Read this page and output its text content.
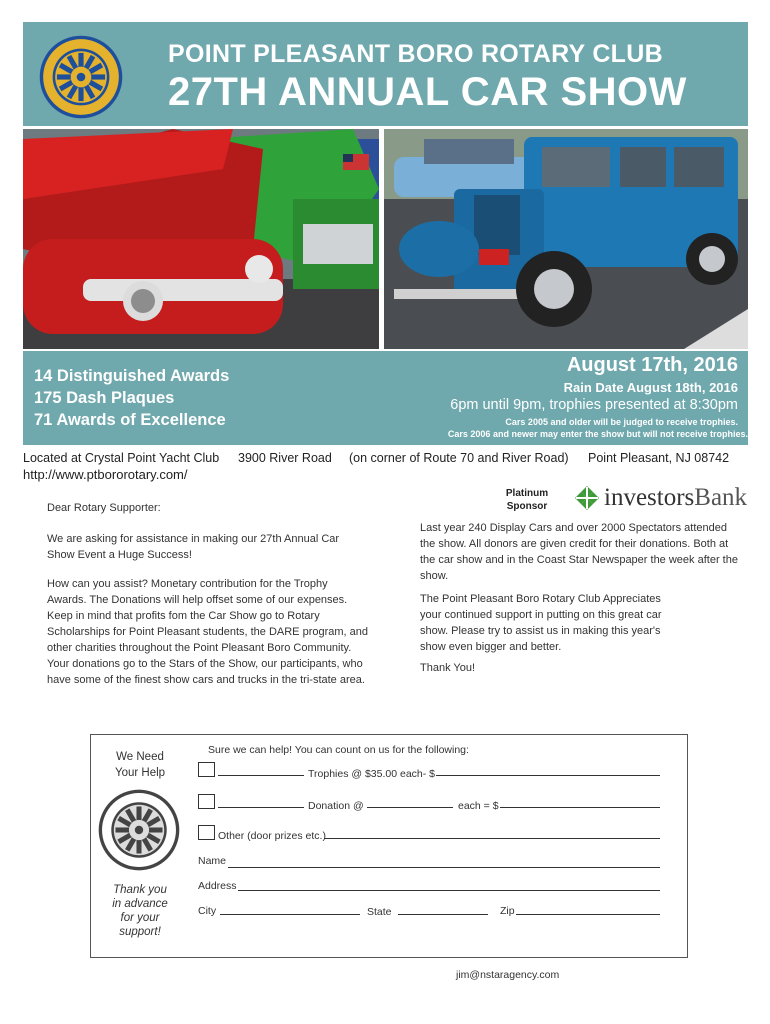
POINT PLEASANT BORO ROTARY CLUB
27TH ANNUAL CAR SHOW
14 Distinguished Awards
175 Dash Plaques
71 Awards of Excellence
August 17th, 2016
Rain Date August 18th, 2016
6pm until 9pm, trophies presented at 8:30pm
Cars 2005 and older will be judged to receive trophies.
Cars 2006 and newer may enter the show but will not receive trophies.
Located at Crystal Point Yacht Club 3900 River Road (on corner of Route 70 and River Road) Point Pleasant, NJ 08742
http://www.ptbororotary.com/
Platinum
Sponsor investorsBank
Dear Rotary Supporter:
We are asking for assistance in making our 27th Annual Car Show Event a Huge Success!
How can you assist? Monetary contribution for the Trophy Awards. The Donations will help offset some of our expenses. Keep in mind that profits fom the Car Show go to Rotary Scholarships for Point Pleasant students, the DARE program, and other charities throughout the Point Pleasant Boro Community. Your donations go to the Stars of the Show, our participants, who have some of the finest show cars and trucks in the tri-state area.
Last year 240 Display Cars and over 2000 Spectators attended the show. All donors are given credit for their donations. Both at the car show and in the Coast Star Newspaper the week after the show.
The Point Pleasant Boro Rotary Club Appreciates your continued support in putting on this great car show. Please try to assist us in making this year's show even bigger and better.
Thank You!
We Need
Your Help
Thank you
in advance
for your
support!
Sure we can help! You can count on us for the following:
Trophies @ $35.00 each- $
Donation @	each = $
Other (door prizes etc.)
Name
Address
City	State	Zip
jim@nstaragency.com
